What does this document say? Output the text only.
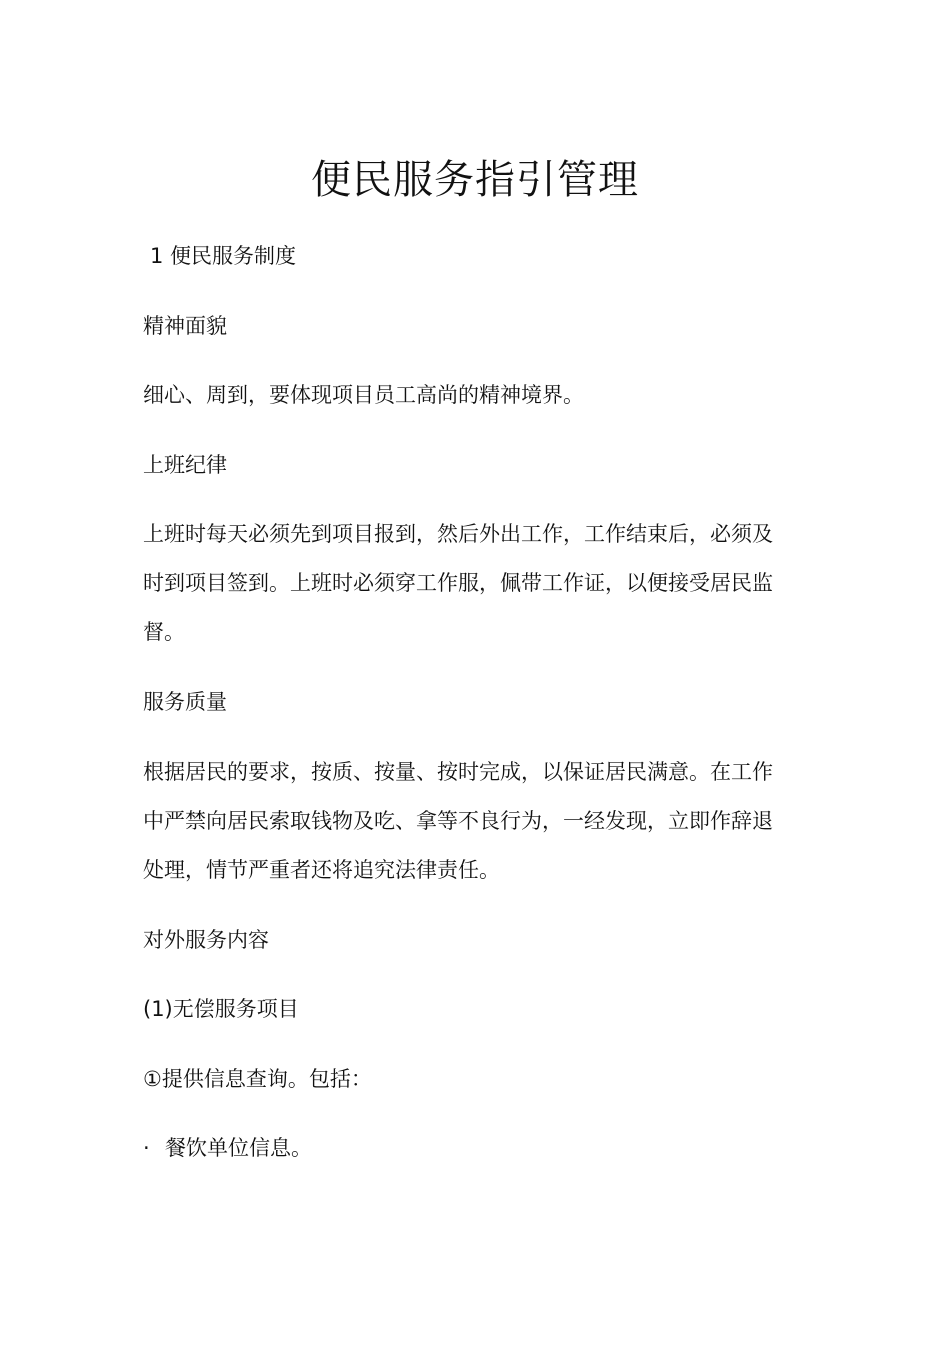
便民服务指引管理

1 便民服务制度

精神面貌

细心、周到，要体现项目员工高尚的精神境界。

上班纪律

上班时每天必须先到项目报到，然后外出工作，工作结束后，必须及

时到项目签到。上班时必须穿工作服，佩带工作证，以便接受居民监

督。

服务质量

根据居民的要求，按质、按量、按时完成，以保证居民满意。在工作

中严禁向居民索取钱物及吃、拿等不良行为，一经发现，立即作辞退

处理，情节严重者还将追究法律责任。

对外服务内容

(1)无偿服务项目

①提供信息查询。包括：

· 餐饮单位信息。
